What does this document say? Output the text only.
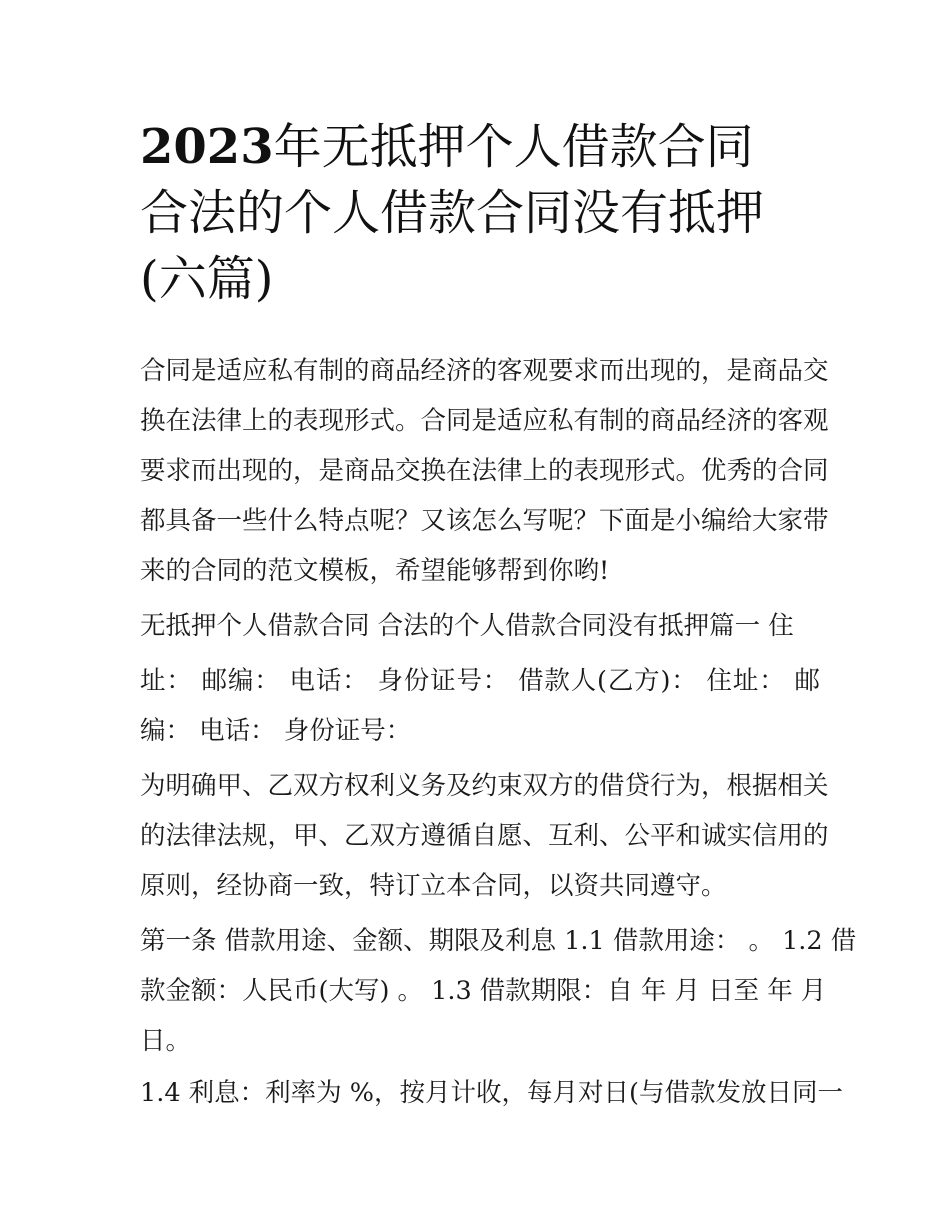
2023年无抵押个人借款合同
合法的个人借款合同没有抵押
(六篇)
合同是适应私有制的商品经济的客观要求而出现的，是商品交
换在法律上的表现形式。合同是适应私有制的商品经济的客观
要求而出现的，是商品交换在法律上的表现形式。优秀的合同
都具备一些什么特点呢？又该怎么写呢？下面是小编给大家带
来的合同的范文模板，希望能够帮到你哟!
无抵押个人借款合同 合法的个人借款合同没有抵押篇一 住
址： 邮编： 电话： 身份证号： 借款人(乙方)： 住址： 邮
编： 电话： 身份证号：
为明确甲、乙双方权利义务及约束双方的借贷行为，根据相关
的法律法规，甲、乙双方遵循自愿、互利、公平和诚实信用的
原则，经协商一致，特订立本合同，以资共同遵守。
第一条 借款用途、金额、期限及利息 1.1 借款用途： 。 1.2 借
款金额：人民币(大写) 。 1.3 借款期限：自 年 月 日至 年 月
日。
1.4 利息：利率为 %，按月计收，每月对日(与借款发放日同一
